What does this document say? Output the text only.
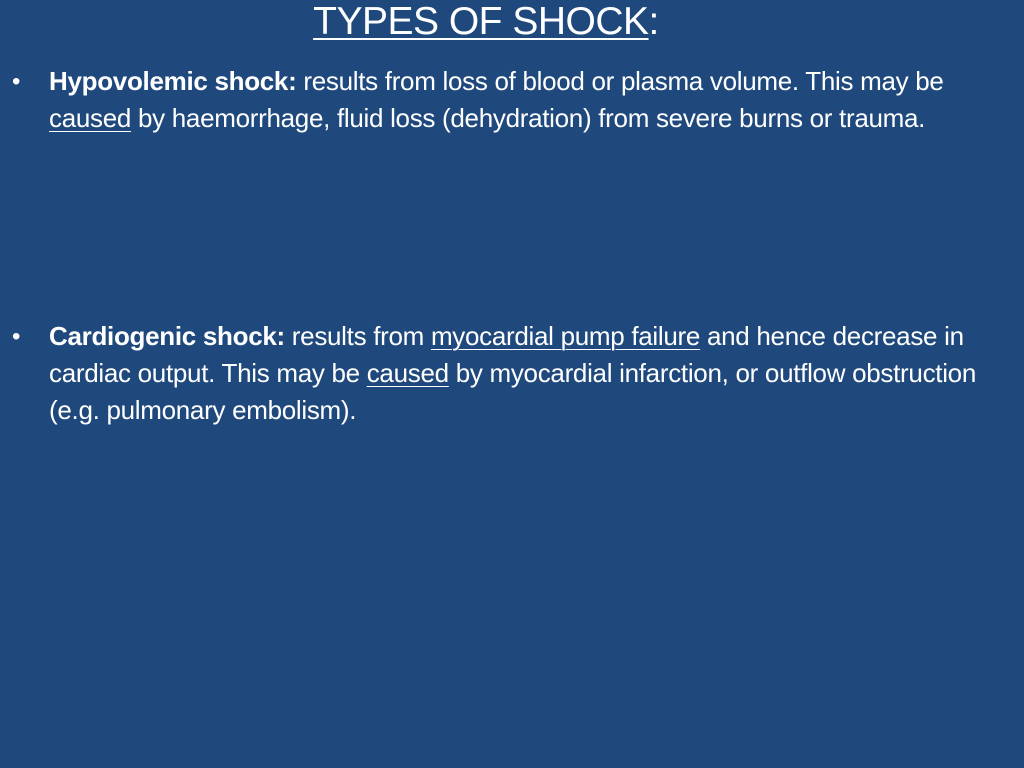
TYPES OF SHOCK:
•	Hypovolemic shock: results from loss of blood or plasma volume. This may be caused by haemorrhage, fluid loss (dehydration) from severe burns or trauma.
•	Cardiogenic shock: results from myocardial pump failure and hence decrease in cardiac output. This may be caused by myocardial infarction, or outflow obstruction (e.g. pulmonary embolism).
